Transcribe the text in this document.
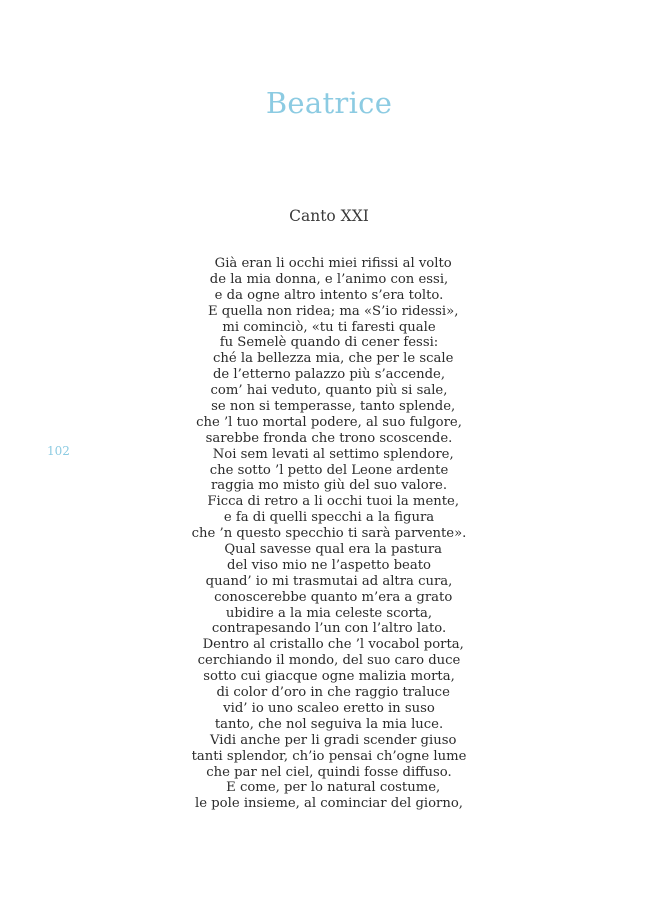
Beatrice
Canto XXI
102
Già eran li occhi miei rifissi al volto
de la mia donna, e l’animo con essi,
e da ogne altro intento s’era tolto.
E quella non ridea; ma «S’io ridessi»,
mi cominciò, «tu ti faresti quale
fu Semelè quando di cener fessi:
ché la bellezza mia, che per le scale
de l’etterno palazzo più s’accende,
com’ hai veduto, quanto più si sale,
se non si temperasse, tanto splende,
che ’l tuo mortal podere, al suo fulgore,
sarebbe fronda che trono scoscende.
Noi sem levati al settimo splendore,
che sotto ’l petto del Leone ardente
raggia mo misto giù del suo valore.
Ficca di retro a li occhi tuoi la mente,
e fa di quelli specchi a la figura
che ’n questo specchio ti sarà parvente».
Qual savesse qual era la pastura
del viso mio ne l’aspetto beato
quand’ io mi trasmutai ad altra cura,
conoscerebbe quanto m’era a grato
ubidire a la mia celeste scorta,
contrapesando l’un con l’altro lato.
Dentro al cristallo che ’l vocabol porta,
cerchiando il mondo, del suo caro duce
sotto cui giacque ogne malizia morta,
di color d’oro in che raggio traluce
vid’ io uno scaleo eretto in suso
tanto, che nol seguiva la mia luce.
Vidi anche per li gradi scender giuso
tanti splendor, ch’io pensai ch’ogne lume
che par nel ciel, quindi fosse diffuso.
E come, per lo natural costume,
le pole insieme, al cominciar del giorno,
